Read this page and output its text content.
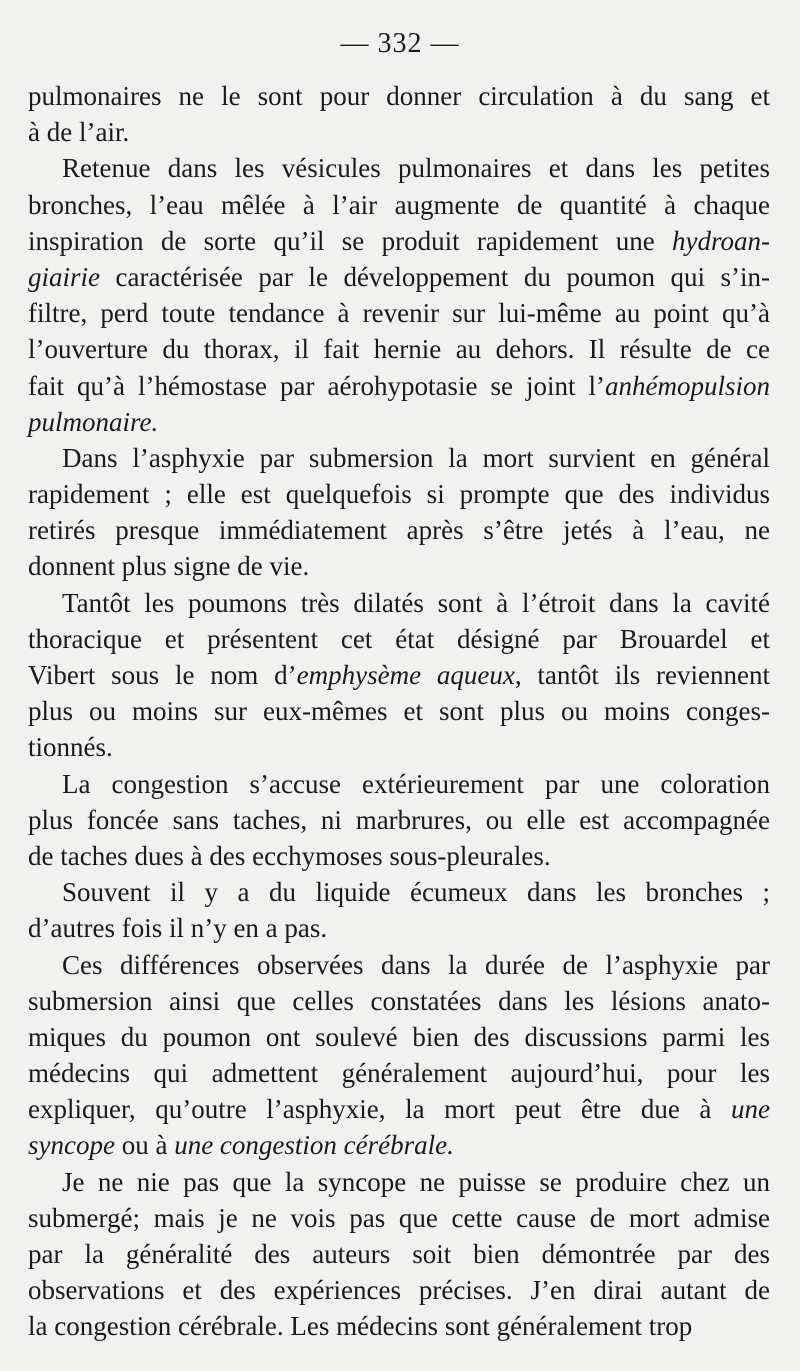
— 332 —

pulmonaires ne le sont pour donner circulation à du sang et
à de l’air.

Retenue dans les vésicules pulmonaires et dans les petites
bronches, l’eau mêlée à l’air augmente de quantité à chaque
inspiration de sorte qu’il se produit rapidement une hydroan-
giairie caractérisée par le développement du poumon qui s’in-
filtre, perd toute tendance à revenir sur lui-même au point qu’à
l’ouverture du thorax, il fait hernie au dehors. Il résulte de ce
fait qu’à l’hémostase par aérohypotasie se joint l’anhémopulsion
pulmonaire.

Dans l’asphyxie par submersion la mort survient en général
rapidement ; elle est quelquefois si prompte que des individus
retirés presque immédiatement après s’être jetés à l’eau, ne
donnent plus signe de vie.

Tantôt les poumons très dilatés sont à l’étroit dans la cavité
thoracique et présentent cet état désigné par Brouardel et
Vibert sous le nom d’emphysème aqueux, tantôt ils reviennent
plus ou moins sur eux-mêmes et sont plus ou moins conges-
tionnés.

La congestion s’accuse extérieurement par une coloration
plus foncée sans taches, ni marbrures, ou elle est accompagnée
de taches dues à des ecchymoses sous-pleurales.

Souvent il y a du liquide écumeux dans les bronches ;
d’autres fois il n’y en a pas.

Ces différences observées dans la durée de l’asphyxie par
submersion ainsi que celles constatées dans les lésions anato-
miques du poumon ont soulevé bien des discussions parmi les
médecins qui admettent généralement aujourd’hui, pour les
expliquer, qu’outre l’asphyxie, la mort peut être due à une
syncope ou à une congestion cérébrale.

Je ne nie pas que la syncope ne puisse se produire chez un
submergé; mais je ne vois pas que cette cause de mort admise
par la généralité des auteurs soit bien démontrée par des
observations et des expériences précises. J’en dirai autant de
la congestion cérébrale. Les médecins sont généralement trop
